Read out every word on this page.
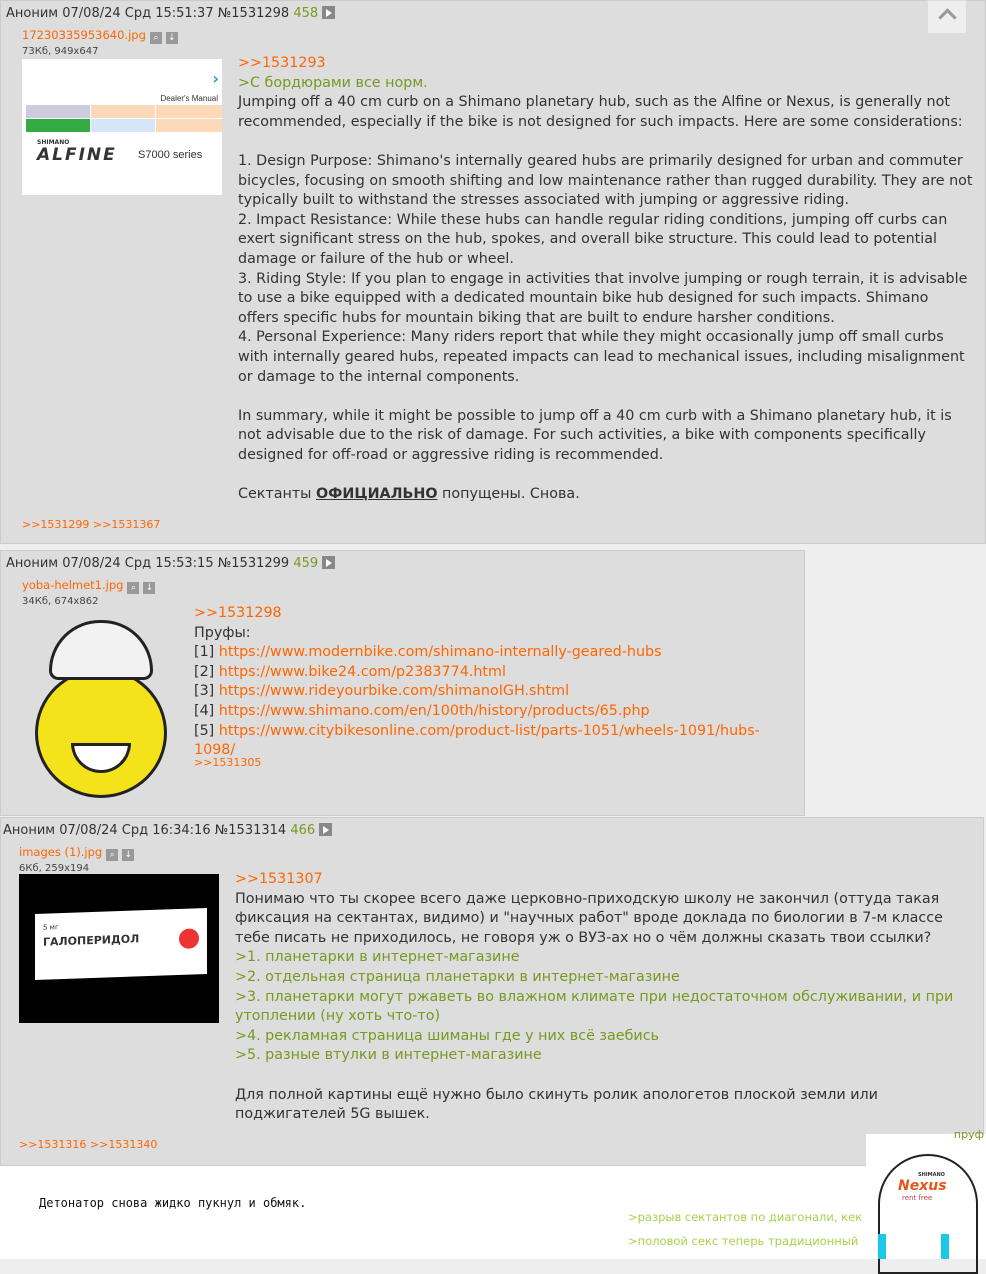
Аноним 07/08/24 Срд 15:51:37 №1531298 458
17230335953640.jpg ⌕ ↓
73Кб, 949x647
›
Dealer's Manual
SHIMANO
ALFINE S7000 series

>>1531293

>С бордюрами все норм.

Jumping off a 40 cm curb on a Shimano planetary hub, such as the Alfine or Nexus, is generally not recommended, especially if the bike is not designed for such impacts. Here are some considerations:

1. Design Purpose: Shimano's internally geared hubs are primarily designed for urban and commuter bicycles, focusing on smooth shifting and low maintenance rather than rugged durability. They are not typically built to withstand the stresses associated with jumping or aggressive riding.

2. Impact Resistance: While these hubs can handle regular riding conditions, jumping off curbs can exert significant stress on the hub, spokes, and overall bike structure. This could lead to potential damage or failure of the hub or wheel.

3. Riding Style: If you plan to engage in activities that involve jumping or rough terrain, it is advisable to use a bike equipped with a dedicated mountain bike hub designed for such impacts. Shimano offers specific hubs for mountain biking that are built to endure harsher conditions.

4. Personal Experience: Many riders report that while they might occasionally jump off small curbs with internally geared hubs, repeated impacts can lead to mechanical issues, including misalignment or damage to the internal components.

In summary, while it might be possible to jump off a 40 cm curb with a Shimano planetary hub, it is not advisable due to the risk of damage. For such activities, a bike with components specifically designed for off-road or aggressive riding is recommended.

Сектанты ОФИЦИАЛЬНО попущены. Снова.

>>1531299 >>1531367
Аноним 07/08/24 Срд 15:53:15 №1531299 459
yoba-helmet1.jpg ⌕ ↓
34Кб, 674x862

>>1531298

Пруфы:

[1] https://www.modernbike.com/shimano-internally-geared-hubs

[2] https://www.bike24.com/p2383774.html

[3] https://www.rideyourbike.com/shimanoIGH.shtml

[4] https://www.shimano.com/en/100th/history/products/65.php

[5] https://www.citybikesonline.com/product-list/parts-1051/wheels-1091/hubs-1098/

>>1531305
Аноним 07/08/24 Срд 16:34:16 №1531314 466
images (1).jpg ⌕ ↓
6Кб, 259x194
5 мг
ГАЛОПЕРИДОЛ

>>1531307

Понимаю что ты скорее всего даже церковно-приходскую школу не закончил (оттуда такая фиксация на сектантах, видимо) и "научных работ" вроде доклада по биологии в 7-м классе тебе писать не приходилось, не говоря уж о ВУЗ-ах но о чём должны сказать твои ссылки?

>1. планетарки в интернет-магазине

>2. отдельная страница планетарки в интернет-магазине

>3. планетарки могут ржаветь во влажном климате при недостаточном обслуживании, и при утоплении (ну хоть что-то)

>4. рекламная страница шиманы где у них всё заебись

>5. разные втулки в интернет-магазине

Для полной картины ещё нужно было скинуть ролик апологетов плоской земли или поджигателей 5G вышек.

>>1531316 >>1531340
Детонатор снова жидко пукнул и обмяк.
>разрыв сектантов по диагонали, кек
>половой секс теперь традиционный
пруф
SHIMANO
Nexus
rent free
